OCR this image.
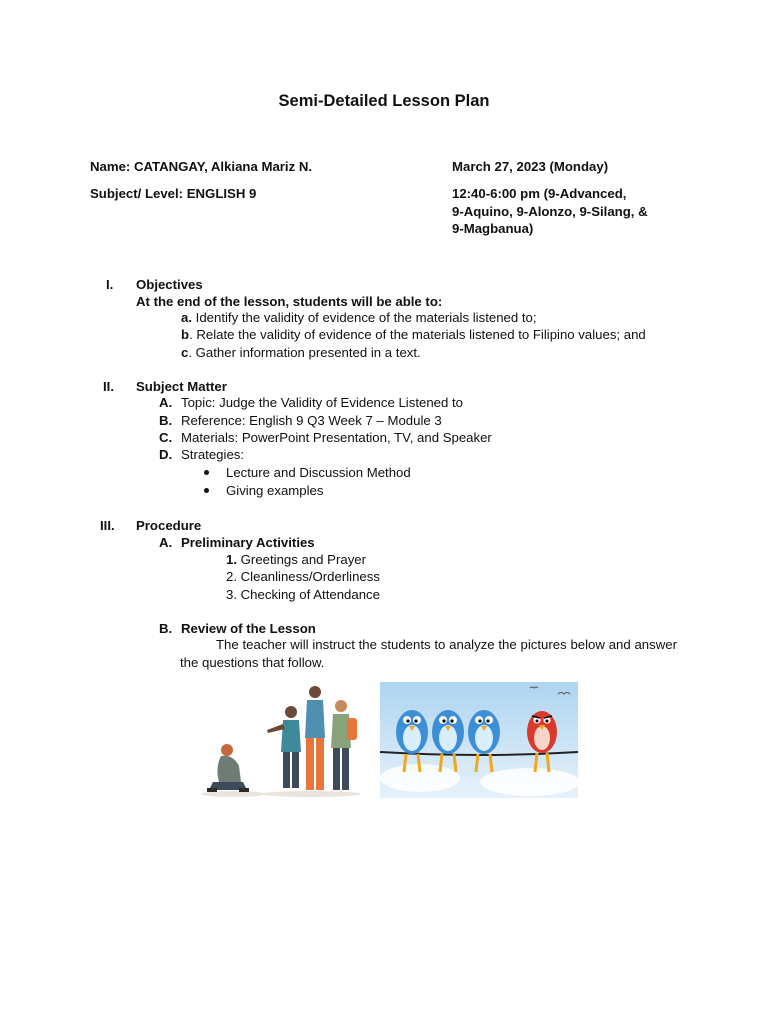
Semi-Detailed Lesson Plan
Name: CATANGAY, Alkiana Mariz N.	March 27, 2023 (Monday)
Subject/ Level: ENGLISH 9	12:40-6:00 pm (9-Advanced,
9-Aquino, 9-Alonzo, 9-Silang, &
9-Magbanua)
I. Objectives
At the end of the lesson, students will be able to:
a. Identify the validity of evidence of the materials listened to;
b. Relate the validity of evidence of the materials listened to Filipino values; and
c. Gather information presented in a text.
II. Subject Matter
A. Topic: Judge the Validity of Evidence Listened to
B. Reference: English 9 Q3 Week 7 – Module 3
C. Materials: PowerPoint Presentation, TV, and Speaker
D. Strategies:
Lecture and Discussion Method
Giving examples
III. Procedure
A. Preliminary Activities
1. Greetings and Prayer
2. Cleanliness/Orderliness
3. Checking of Attendance
B. Review of the Lesson
The teacher will instruct the students to analyze the pictures below and answer the questions that follow.
